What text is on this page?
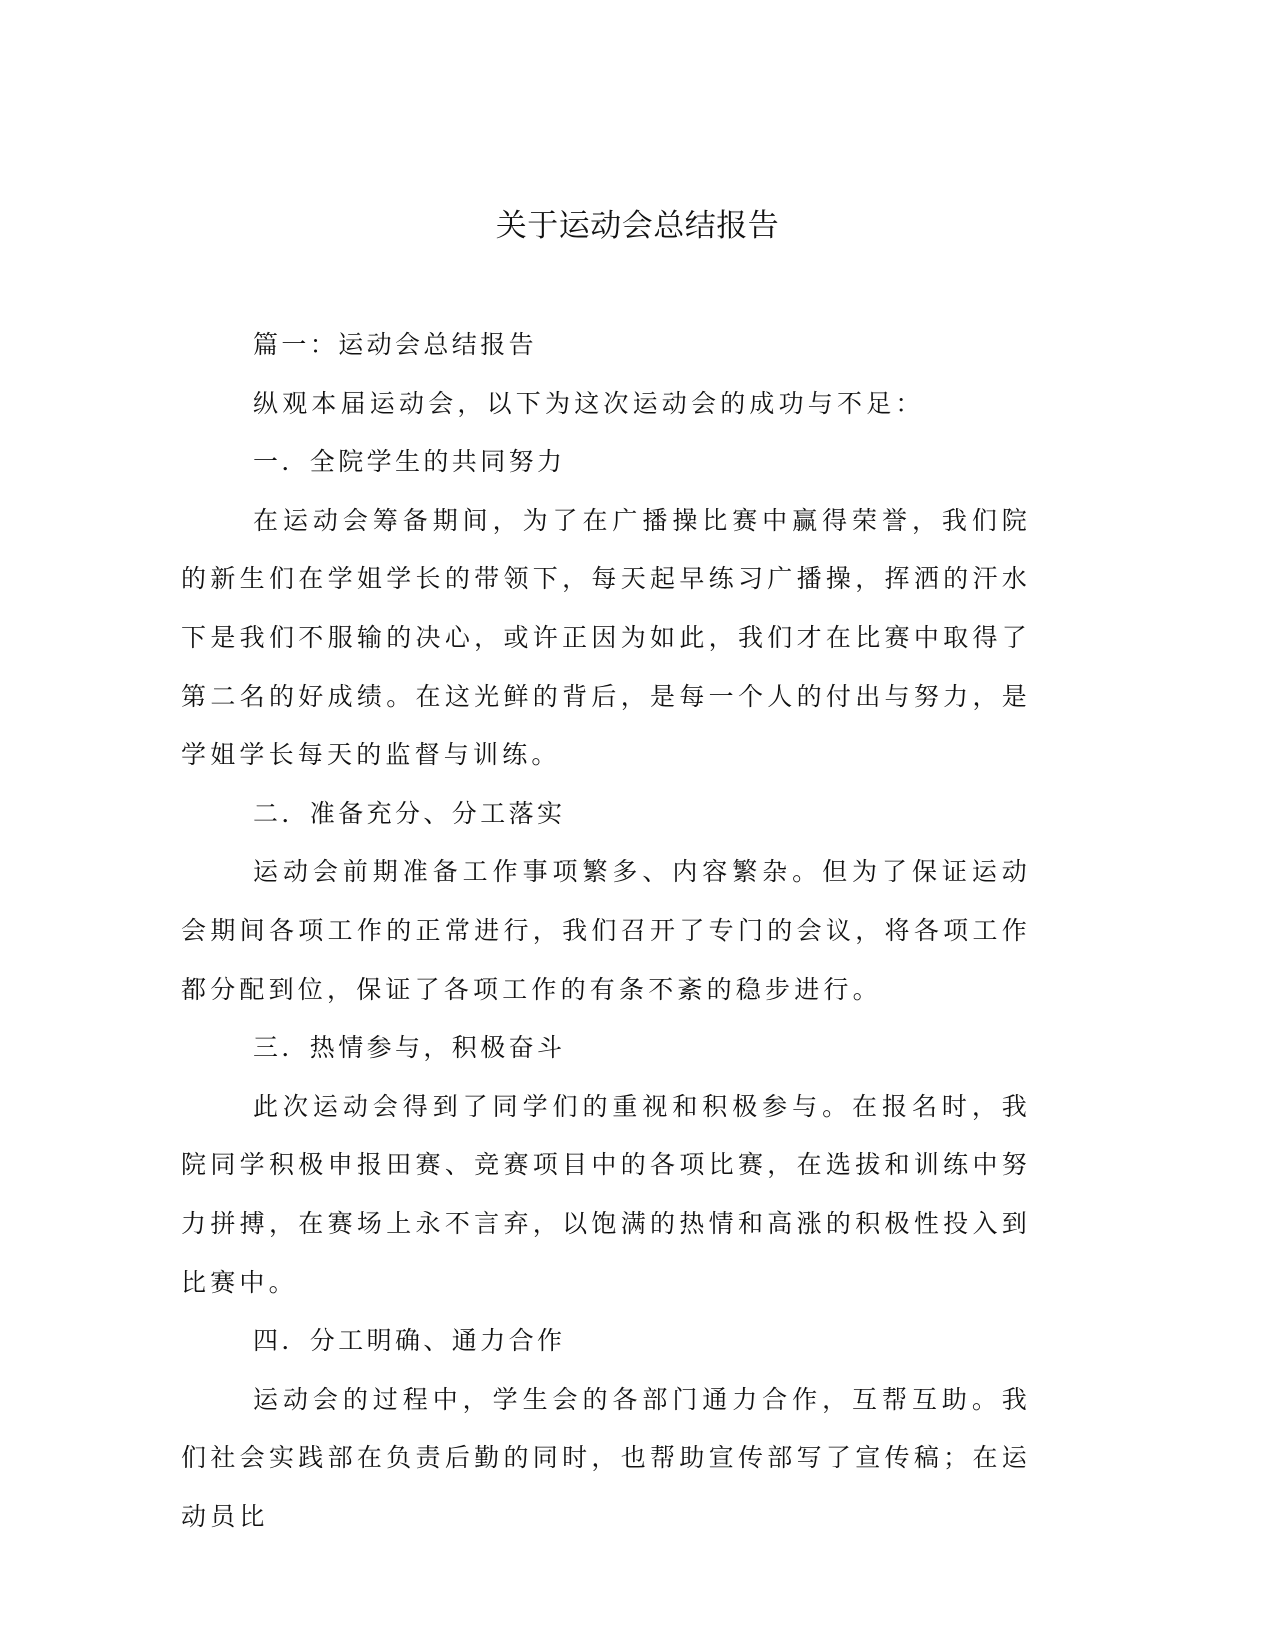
关于运动会总结报告

篇一：运动会总结报告

纵观本届运动会，以下为这次运动会的成功与不足：

一．全院学生的共同努力

在运动会筹备期间，为了在广播操比赛中赢得荣誉，我们院的新生们在学姐学长的带领下，每天起早练习广播操，挥洒的汗水下是我们不服输的决心，或许正因为如此，我们才在比赛中取得了第二名的好成绩。在这光鲜的背后，是每一个人的付出与努力，是学姐学长每天的监督与训练。

二．准备充分、分工落实

运动会前期准备工作事项繁多、内容繁杂。但为了保证运动会期间各项工作的正常进行，我们召开了专门的会议，将各项工作都分配到位，保证了各项工作的有条不紊的稳步进行。

三．热情参与，积极奋斗

此次运动会得到了同学们的重视和积极参与。在报名时，我院同学积极申报田赛、竞赛项目中的各项比赛，在选拔和训练中努力拼搏，在赛场上永不言弃，以饱满的热情和高涨的积极性投入到比赛中。

四．分工明确、通力合作

运动会的过程中，学生会的各部门通力合作，互帮互助。我们社会实践部在负责后勤的同时，也帮助宣传部写了宣传稿；在运动员比
